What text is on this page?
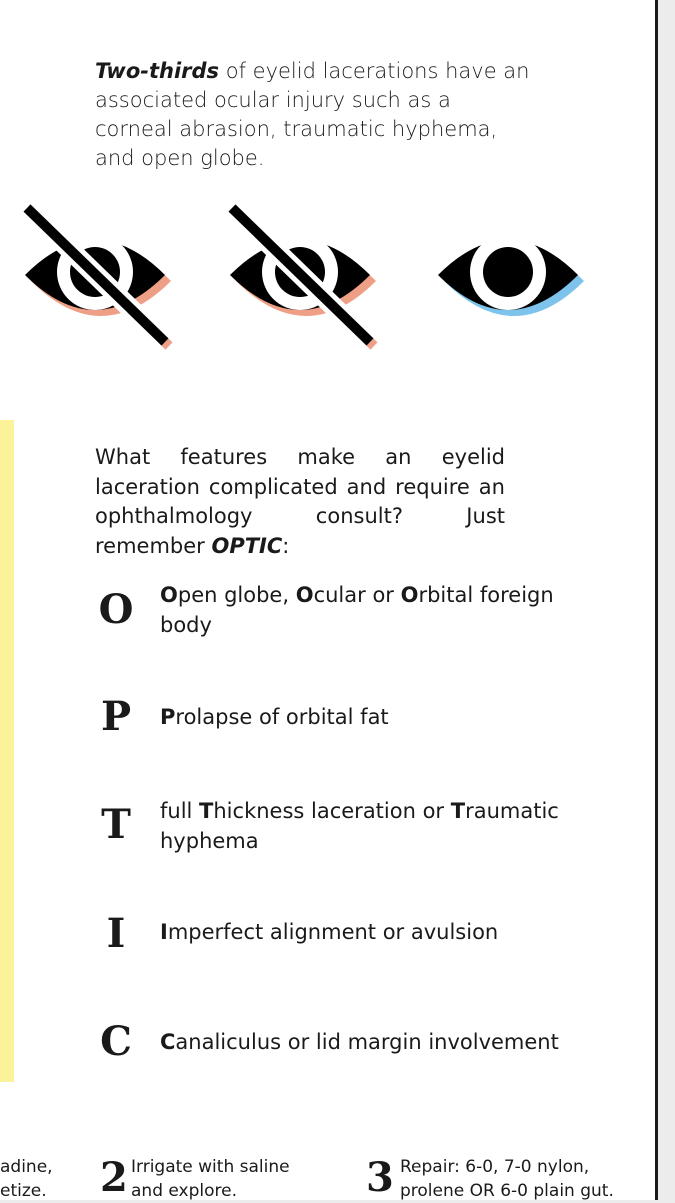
Two-thirds of eyelid lacerations have an associated ocular injury such as a corneal abrasion, traumatic hyphema, and open globe.
What features make an eyelid laceration complicated and require an ophthalmology consult? Just remember OPTIC:
O Open globe, Ocular or Orbital foreign body
P Prolapse of orbital fat
T full Thickness laceration or Traumatic hyphema
I	Imperfect alignment or avulsion
C Canaliculus or lid margin involvement
adine,
etize.	2 Irrigate with saline
and explore.	3 Repair: 6-0, 7-0 nylon,
prolene OR 6-0 plain gut.
